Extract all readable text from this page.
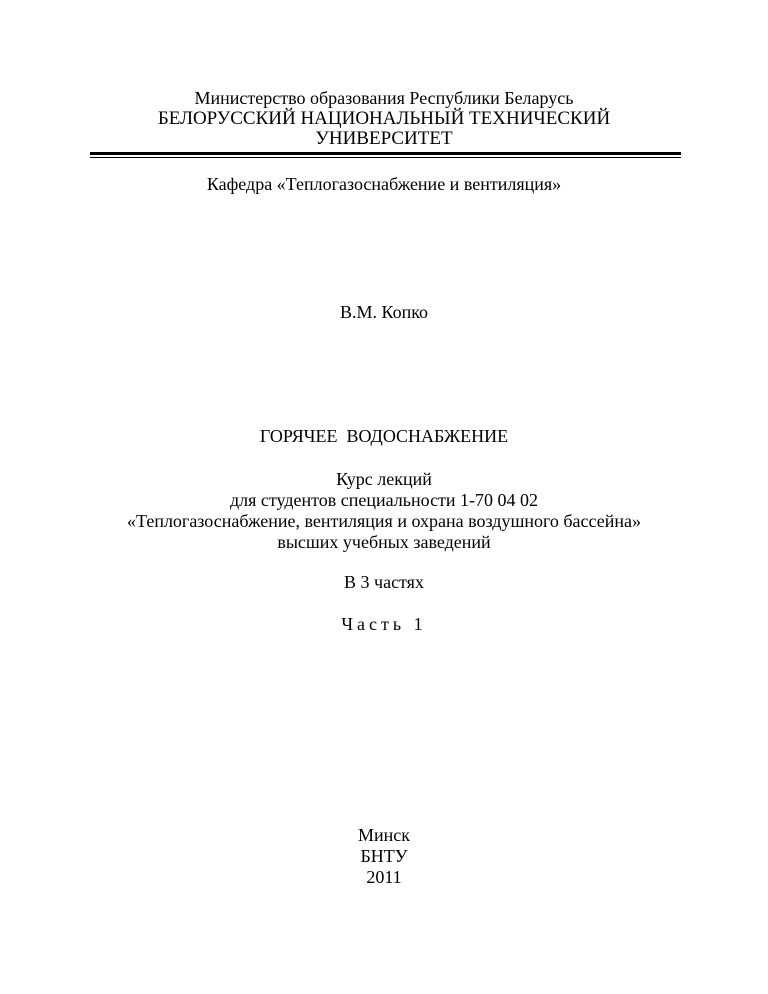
Министерство образования Республики Беларусь
БЕЛОРУССКИЙ НАЦИОНАЛЬНЫЙ ТЕХНИЧЕСКИЙ
УНИВЕРСИТЕТ
Кафедра «Теплогазоснабжение и вентиляция»
В.М. Копко
ГОРЯЧЕЕ  ВОДОСНАБЖЕНИЕ
Курс лекций
для студентов специальности 1-70 04 02
«Теплогазоснабжение, вентиляция и охрана воздушного бассейна»
высших учебных заведений
В 3 частях
Часть 1
Минск
БНТУ
2011
